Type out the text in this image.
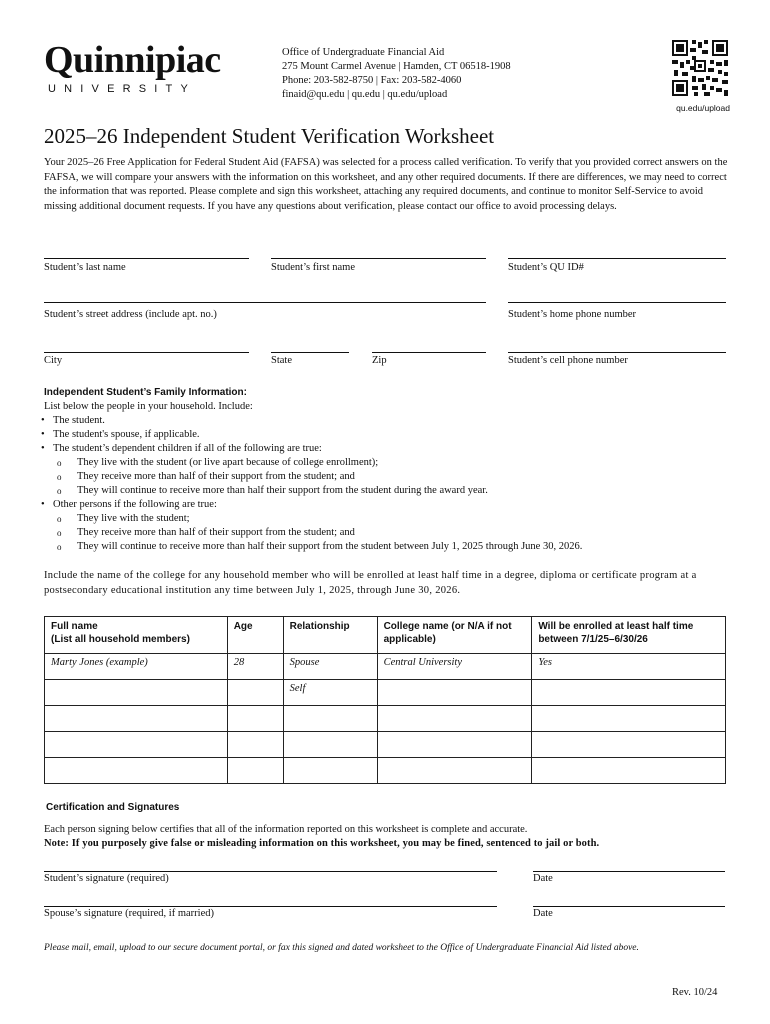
Quinnipiac
UNIVERSITY
Office of Undergraduate Financial Aid
275 Mount Carmel Avenue | Hamden, CT 06518-1908
Phone: 203-582-8750 | Fax: 203-582-4060
finaid@qu.edu | qu.edu | qu.edu/upload
qu.edu/upload
2025–26 Independent Student Verification Worksheet
Your 2025–26 Free Application for Federal Student Aid (FAFSA) was selected for a process called verification. To verify that you provided correct answers on the FAFSA, we will compare your answers with the information on this worksheet, and any other required documents. If there are differences, we may need to correct the information that was reported. Please complete and sign this worksheet, attaching any required documents, and continue to monitor Self-Service to avoid missing additional document requests. If you have any questions about verification, please contact our office to avoid processing delays.
Student’s last name	Student’s first name	Student’s QU ID#
Student’s street address (include apt. no.)	Student’s home phone number
City	State	Zip	Student’s cell phone number
Independent Student’s Family Information:
List below the people in your household. Include:
• The student.
• The student's spouse, if applicable.
• The student’s dependent children if all of the following are true:
o They live with the student (or live apart because of college enrollment);
o They receive more than half of their support from the student; and
o They will continue to receive more than half their support from the student during the award year.
• Other persons if the following are true:
o They live with the student;
o They receive more than half of their support from the student; and
o They will continue to receive more than half their support from the student between July 1, 2025 through June 30, 2026.
Include the name of the college for any household member who will be enrolled at least half time in a degree, diploma or certificate program at a postsecondary educational institution any time between July 1, 2025, through June 30, 2026.
Full name
(List all household members)	Age	Relationship	College name (or N/A if not
applicable)	Will be enrolled at least half time
between 7/1/25–6/30/26
Marty Jones (example)	28	Spouse	Central University	Yes
		Self		

Certification and Signatures
Each person signing below certifies that all of the information reported on this worksheet is complete and accurate.
Note: If you purposely give false or misleading information on this worksheet, you may be fined, sentenced to jail or both.
Student’s signature (required)	Date
Spouse’s signature (required, if married)	Date
Please mail, email, upload to our secure document portal, or fax this signed and dated worksheet to the Office of Undergraduate Financial Aid listed above.
Rev. 10/24
